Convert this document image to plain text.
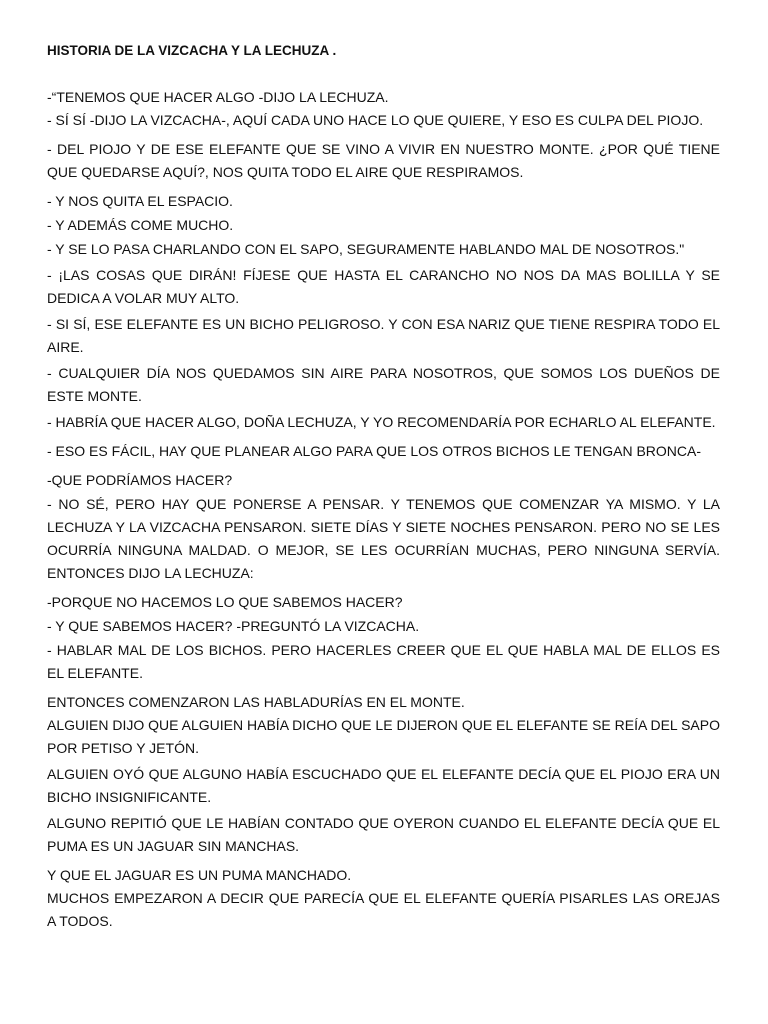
HISTORIA DE LA VIZCACHA Y LA LECHUZA .

-“TENEMOS QUE HACER ALGO -DIJO LA LECHUZA.

- SÍ SÍ -DIJO LA VIZCACHA-, AQUÍ CADA UNO HACE LO QUE QUIERE, Y ESO ES CULPA DEL PIOJO.

- DEL PIOJO Y DE ESE ELEFANTE QUE SE VINO A VIVIR EN NUESTRO MONTE. ¿POR QUÉ TIENE QUE QUEDARSE AQUÍ?, NOS QUITA TODO EL AIRE QUE RESPIRAMOS.

- Y NOS QUITA EL ESPACIO.

- Y ADEMÁS COME MUCHO.

- Y SE LO PASA CHARLANDO CON EL SAPO, SEGURAMENTE HABLANDO MAL DE NOSOTROS."

- ¡LAS COSAS QUE DIRÁN! FÍJESE QUE HASTA EL CARANCHO NO NOS DA MAS BOLILLA Y SE DEDICA A VOLAR MUY ALTO.

- SI SÍ, ESE ELEFANTE ES UN BICHO PELIGROSO. Y CON ESA NARIZ QUE TIENE RESPIRA TODO EL AIRE.

- CUALQUIER DÍA NOS QUEDAMOS SIN AIRE PARA NOSOTROS, QUE SOMOS LOS DUEÑOS DE ESTE MONTE.

- HABRÍA QUE HACER ALGO, DOÑA LECHUZA, Y YO RECOMENDARÍA POR ECHARLO AL ELEFANTE.

- ESO ES FÁCIL, HAY QUE PLANEAR ALGO PARA QUE LOS OTROS BICHOS LE TENGAN BRONCA-

-QUE PODRÍAMOS HACER?

- NO SÉ, PERO HAY QUE PONERSE A PENSAR. Y TENEMOS QUE COMENZAR YA MISMO. Y LA LECHUZA Y LA VIZCACHA PENSARON. SIETE DÍAS Y SIETE NOCHES PENSARON. PERO NO SE LES OCURRÍA NINGUNA MALDAD. O MEJOR, SE LES OCURRÍAN MUCHAS, PERO NINGUNA SERVÍA. ENTONCES DIJO LA LECHUZA:

-PORQUE NO HACEMOS LO QUE SABEMOS HACER?

- Y QUE SABEMOS HACER? -PREGUNTÓ LA VIZCACHA.

- HABLAR MAL DE LOS BICHOS. PERO HACERLES CREER QUE EL QUE HABLA MAL DE ELLOS ES EL ELEFANTE.

ENTONCES COMENZARON LAS HABLADURÍAS EN EL MONTE.

ALGUIEN DIJO QUE ALGUIEN HABÍA DICHO QUE LE DIJERON QUE EL ELEFANTE SE REÍA DEL SAPO POR PETISO Y JETÓN.

ALGUIEN OYÓ QUE ALGUNO HABÍA ESCUCHADO QUE EL ELEFANTE DECÍA QUE EL PIOJO ERA UN BICHO INSIGNIFICANTE.

ALGUNO REPITIÓ QUE LE HABÍAN CONTADO QUE OYERON CUANDO EL ELEFANTE DECÍA QUE EL PUMA ES UN JAGUAR SIN MANCHAS.

Y QUE EL JAGUAR ES UN PUMA MANCHADO.

MUCHOS EMPEZARON A DECIR QUE PARECÍA QUE EL ELEFANTE QUERÍA PISARLES LAS OREJAS A TODOS.
